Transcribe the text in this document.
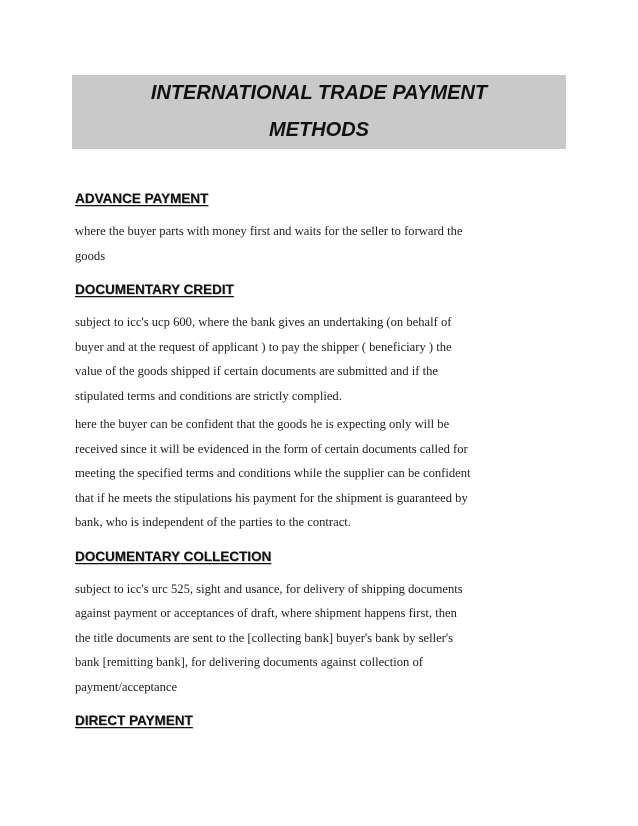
INTERNATIONAL TRADE PAYMENT
METHODS
ADVANCE PAYMENT

where the buyer parts with money first and waits for the seller to forward the
goods

DOCUMENTARY CREDIT

subject to icc's ucp 600, where the bank gives an undertaking (on behalf of
buyer and at the request of applicant ) to pay the shipper ( beneficiary ) the
value of the goods shipped if certain documents are submitted and if the
stipulated terms and conditions are strictly complied.

here the buyer can be confident that the goods he is expecting only will be
received since it will be evidenced in the form of certain documents called for
meeting the specified terms and conditions while the supplier can be confident
that if he meets the stipulations his payment for the shipment is guaranteed by
bank, who is independent of the parties to the contract.

DOCUMENTARY COLLECTION

subject to icc's urc 525, sight and usance, for delivery of shipping documents
against payment or acceptances of draft, where shipment happens first, then
the title documents are sent to the [collecting bank] buyer's bank by seller's
bank [remitting bank], for delivering documents against collection of
payment/acceptance

DIRECT PAYMENT
